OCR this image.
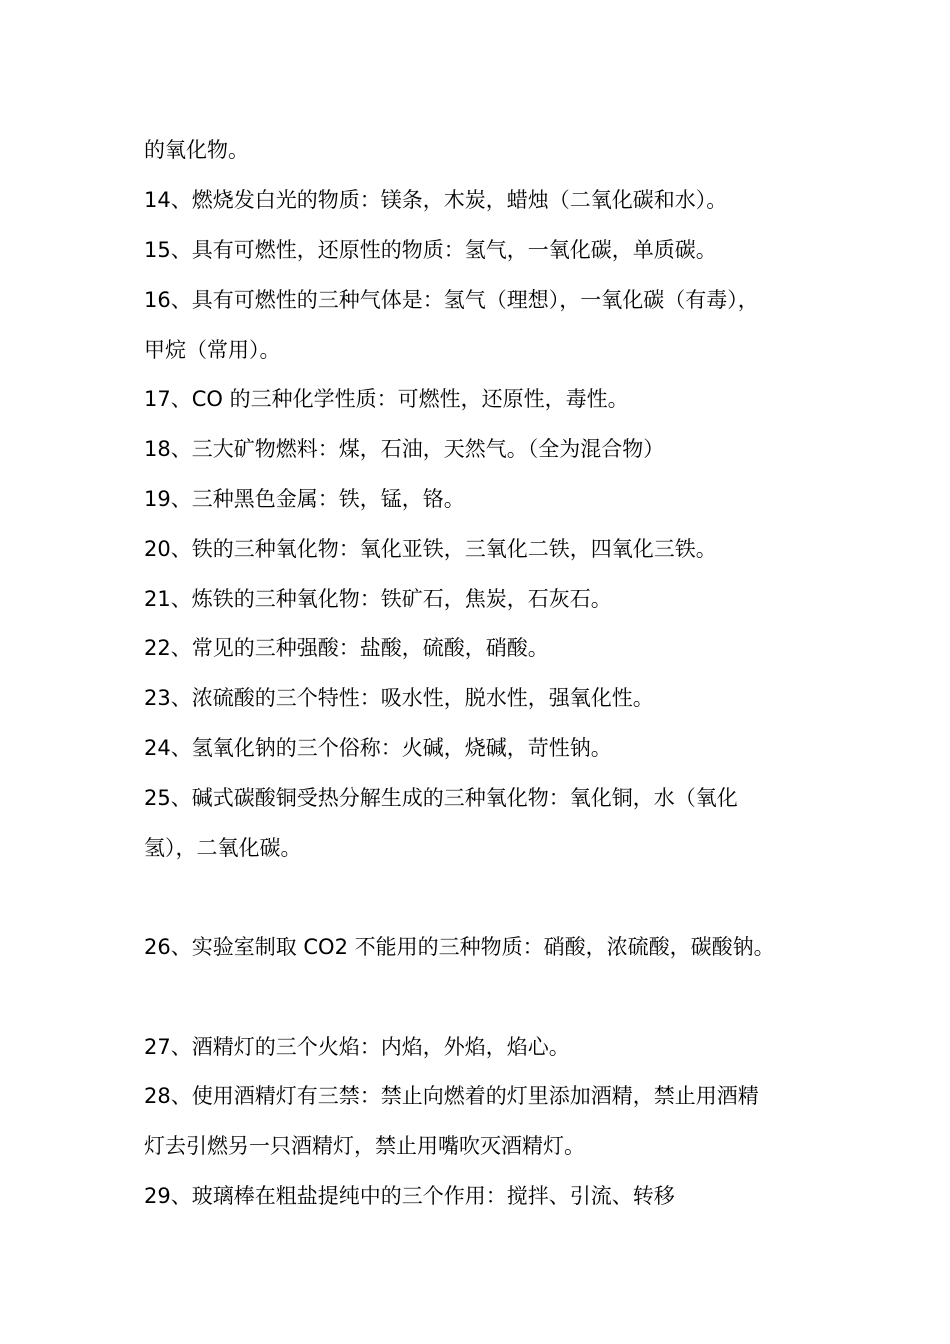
的氧化物。
14、燃烧发白光的物质：镁条，木炭，蜡烛（二氧化碳和水）。
15、具有可燃性，还原性的物质：氢气，一氧化碳，单质碳。
16、具有可燃性的三种气体是：氢气（理想），一氧化碳（有毒），
甲烷（常用）。
17、CO 的三种化学性质：可燃性，还原性，毒性。
18、三大矿物燃料：煤，石油，天然气。（全为混合物）
19、三种黑色金属：铁，锰，铬。
20、铁的三种氧化物：氧化亚铁，三氧化二铁，四氧化三铁。
21、炼铁的三种氧化物：铁矿石，焦炭，石灰石。
22、常见的三种强酸：盐酸，硫酸，硝酸。
23、浓硫酸的三个特性：吸水性，脱水性，强氧化性。
24、氢氧化钠的三个俗称：火碱，烧碱，苛性钠。
25、碱式碳酸铜受热分解生成的三种氧化物：氧化铜，水（氧化
氢），二氧化碳。
26、实验室制取 CO2 不能用的三种物质：硝酸，浓硫酸，碳酸钠。
27、酒精灯的三个火焰：内焰，外焰，焰心。
28、使用酒精灯有三禁：禁止向燃着的灯里添加酒精，禁止用酒精
灯去引燃另一只酒精灯，禁止用嘴吹灭酒精灯。
29、玻璃棒在粗盐提纯中的三个作用：搅拌、引流、转移
